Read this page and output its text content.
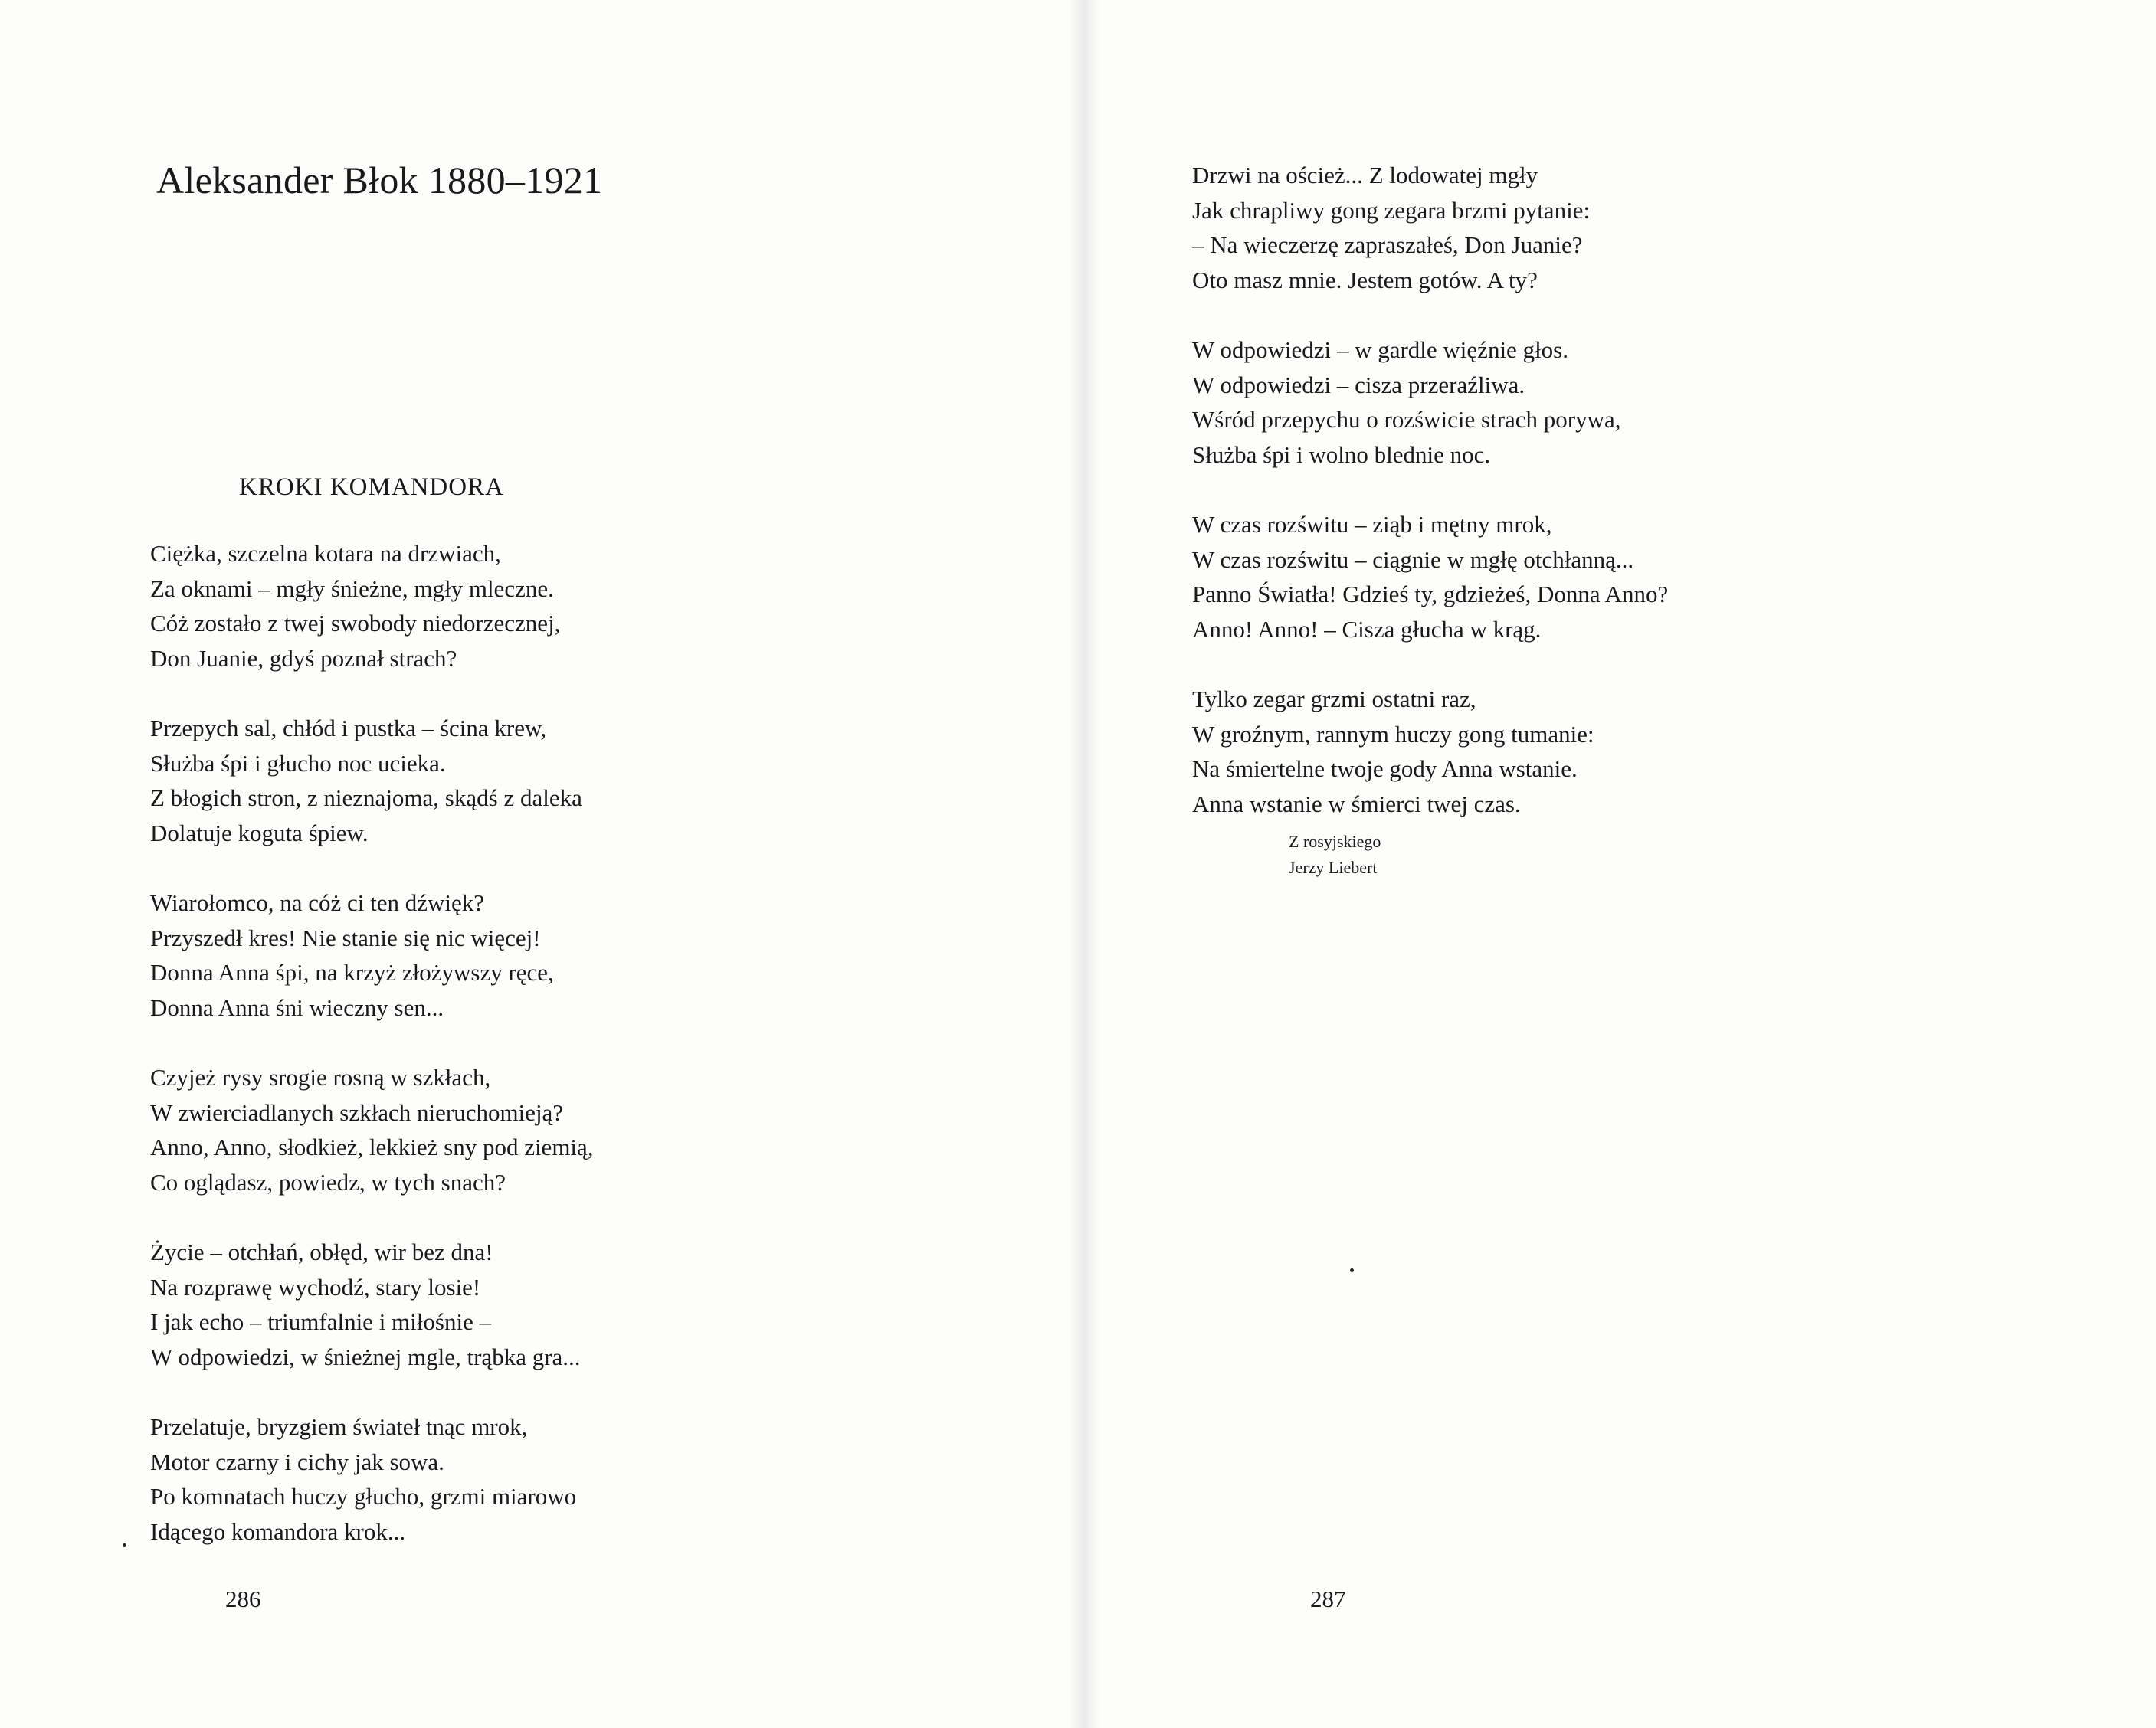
Aleksander Błok 1880–1921
KROKI KOMANDORA
Ciężka, szczelna kotara na drzwiach,
Za oknami – mgły śnieżne, mgły mleczne.
Cóż zostało z twej swobody niedorzecznej,
Don Juanie, gdyś poznał strach?
Przepych sal, chłód i pustka – ścina krew,
Służba śpi i głucho noc ucieka.
Z błogich stron, z nieznajoma, skądś z daleka
Dolatuje koguta śpiew.
Wiarołomco, na cóż ci ten dźwięk?
Przyszedł kres! Nie stanie się nic więcej!
Donna Anna śpi, na krzyż złożywszy ręce,
Donna Anna śni wieczny sen...
Czyjeż rysy srogie rosną w szkłach,
W zwierciadlanych szkłach nieruchomieją?
Anno, Anno, słodkież, lekkież sny pod ziemią,
Co oglądasz, powiedz, w tych snach?
Życie – otchłań, obłęd, wir bez dna!
Na rozprawę wychodź, stary losie!
I jak echo – triumfalnie i miłośnie –
W odpowiedzi, w śnieżnej mgle, trąbka gra...
Przelatuje, bryzgiem świateł tnąc mrok,
Motor czarny i cichy jak sowa.
Po komnatach huczy głucho, grzmi miarowo
Idącego komandora krok...
286
Drzwi na oścież... Z lodowatej mgły
Jak chrapliwy gong zegara brzmi pytanie:
– Na wieczerzę zapraszałeś, Don Juanie?
Oto masz mnie. Jestem gotów. A ty?
W odpowiedzi – w gardle więźnie głos.
W odpowiedzi – cisza przeraźliwa.
Wśród przepychu o rozświcie strach porywa,
Służba śpi i wolno blednie noc.
W czas rozświtu – ziąb i mętny mrok,
W czas rozświtu – ciągnie w mgłę otchłanną...
Panno Światła! Gdzieś ty, gdzieżeś, Donna Anno?
Anno! Anno! – Cisza głucha w krąg.
Tylko zegar grzmi ostatni raz,
W groźnym, rannym huczy gong tumanie:
Na śmiertelne twoje gody Anna wstanie.
Anna wstanie w śmierci twej czas.
Z rosyjskiego
Jerzy Liebert
287
